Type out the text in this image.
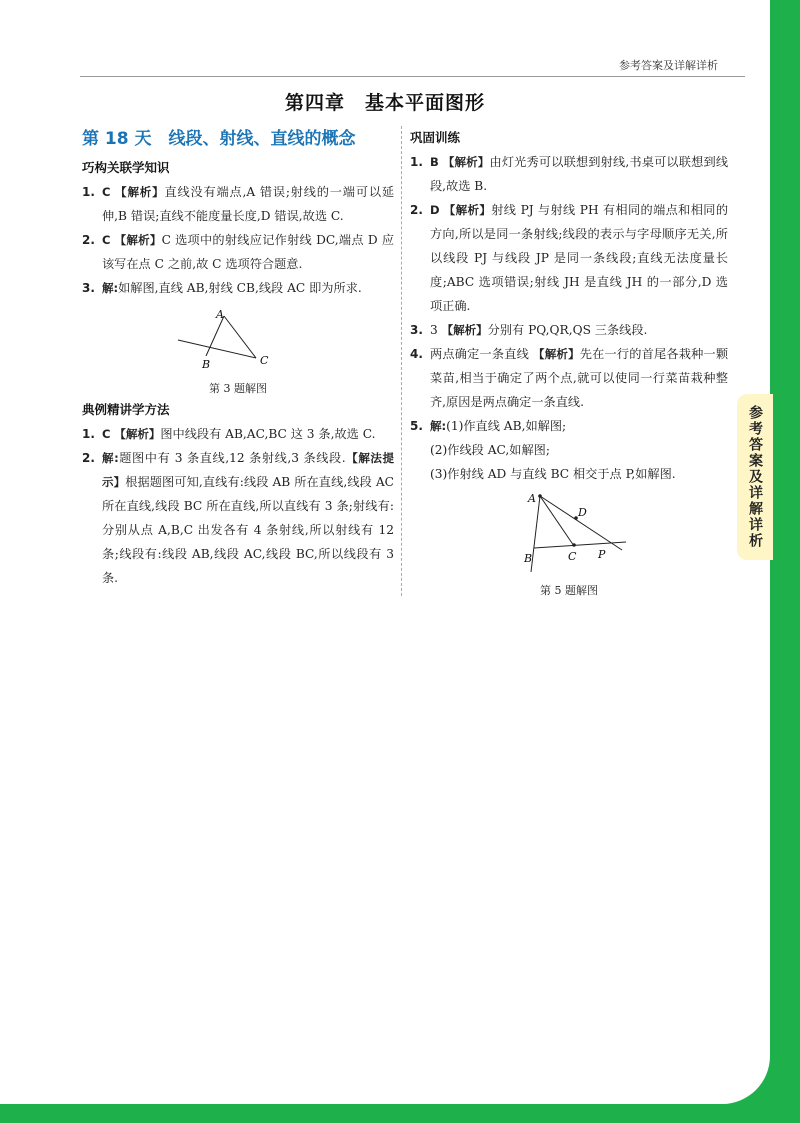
参考答案及详解详析
第四章　基本平面图形
第 18 天　线段、射线、直线的概念
巧构关联学知识

1. C 【解析】直线没有端点,A 错误;射线的一端可以延伸,B 错误;直线不能度量长度,D 错误,故选 C.

2. C 【解析】C 选项中的射线应记作射线 DC,端点 D 应该写在点 C 之前,故 C 选项符合题意.

3. 解:如解图,直线 AB,射线 CB,线段 AC 即为所求.

A
B	C
第 3 题解图
典例精讲学方法

1. C 【解析】图中线段有 AB,AC,BC 这 3 条,故选 C.

2. 解:题图中有 3 条直线,12 条射线,3 条线段.【解法提示】根据题图可知,直线有:线段 AB 所在直线,线段 AC 所在直线,线段 BC 所在直线,所以直线有 3 条;射线有:分别从点 A,B,C 出发各有 4 条射线,所以射线有 12 条;线段有:线段 AB,线段 AC,线段 BC,所以线段有 3 条.

巩固训练

1. B 【解析】由灯光秀可以联想到射线,书桌可以联想到线段,故选 B.

2. D 【解析】射线 PJ 与射线 PH 有相同的端点和相同的方向,所以是同一条射线;线段的表示与字母顺序无关,所以线段 PJ 与线段 JP 是同一条线段;直线无法度量长度;ABC 选项错误;射线 JH 是直线 JH 的一部分,D 选项正确.

3. 3 【解析】分别有 PQ,QR,QS 三条线段.

4. 两点确定一条直线 【解析】先在一行的首尾各栽种一颗菜苗,相当于确定了两个点,就可以使同一行菜苗栽种整齐,原因是两点确定一条直线.

5. 解:(1)作直线 AB,如解图;

(2)作线段 AC,如解图;

(3)作射线 AD 与直线 BC 相交于点 P,如解图.

A
D
B	C P
第 5 题解图
参考答案及详解详析
